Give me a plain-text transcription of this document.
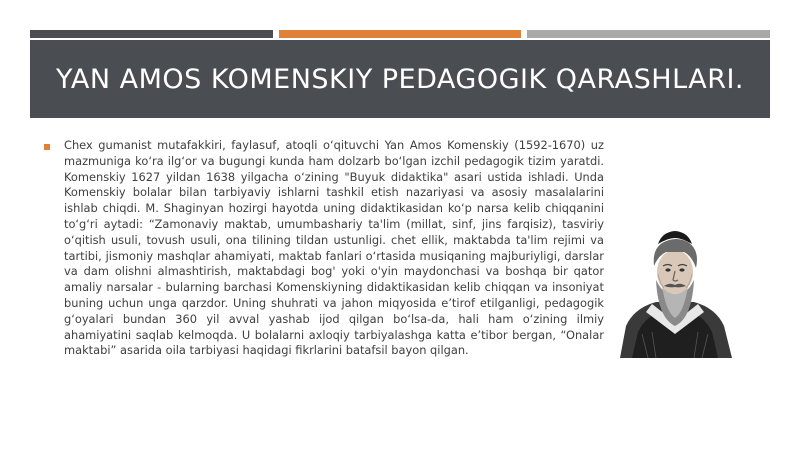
YAN AMOS KOMENSKIY PEDAGOGIK QARASHLARI.

Chex gumanist mutafakkiri, faylasuf, atoqli o‘qituvchi Yan Amos Komenskiy (1592-1670) uz mazmuniga ko‘ra ilg‘or va bugungi kunda ham dolzarb bo‘lgan izchil pedagogik tizim yaratdi. Komenskiy 1627 yildan 1638 yilgacha o‘zining "Buyuk didaktika" asari ustida ishladi. Unda Komenskiy bolalar bilan tarbiyaviy ishlarni tashkil etish nazariyasi va asosiy masalalarini ishlab chiqdi. M. Shaginyan hozirgi hayotda uning didaktikasidan ko‘p narsa kelib chiqqanini to‘g‘ri aytadi: “Zamonaviy maktab, umumbashariy ta'lim (millat, sinf, jins farqisiz), tasviriy o‘qitish usuli, tovush usuli, ona tilining tildan ustunligi. chet ellik, maktabda ta'lim rejimi va tartibi, jismoniy mashqlar ahamiyati, maktab fanlari o‘rtasida musiqaning majburiyligi, darslar va dam olishni almashtirish, maktabdagi bog' yoki o'yin maydonchasi va boshqa bir qator amaliy narsalar - bularning barchasi Komenskiyning didaktikasidan kelib chiqqan va insoniyat buning uchun unga qarzdor. Uning shuhrati va jahon miqyosida e’tirof etilganligi, pedagogik g‘oyalari bundan 360 yil avval yashab ijod qilgan bo‘lsa-da, hali ham o‘zining ilmiy ahamiyatini saqlab kelmoqda. U bolalarni axloqiy tarbiyalashga katta e’tibor bergan, “Onalar maktabi” asarida oila tarbiyasi haqidagi fikrlarini batafsil bayon qilgan.
